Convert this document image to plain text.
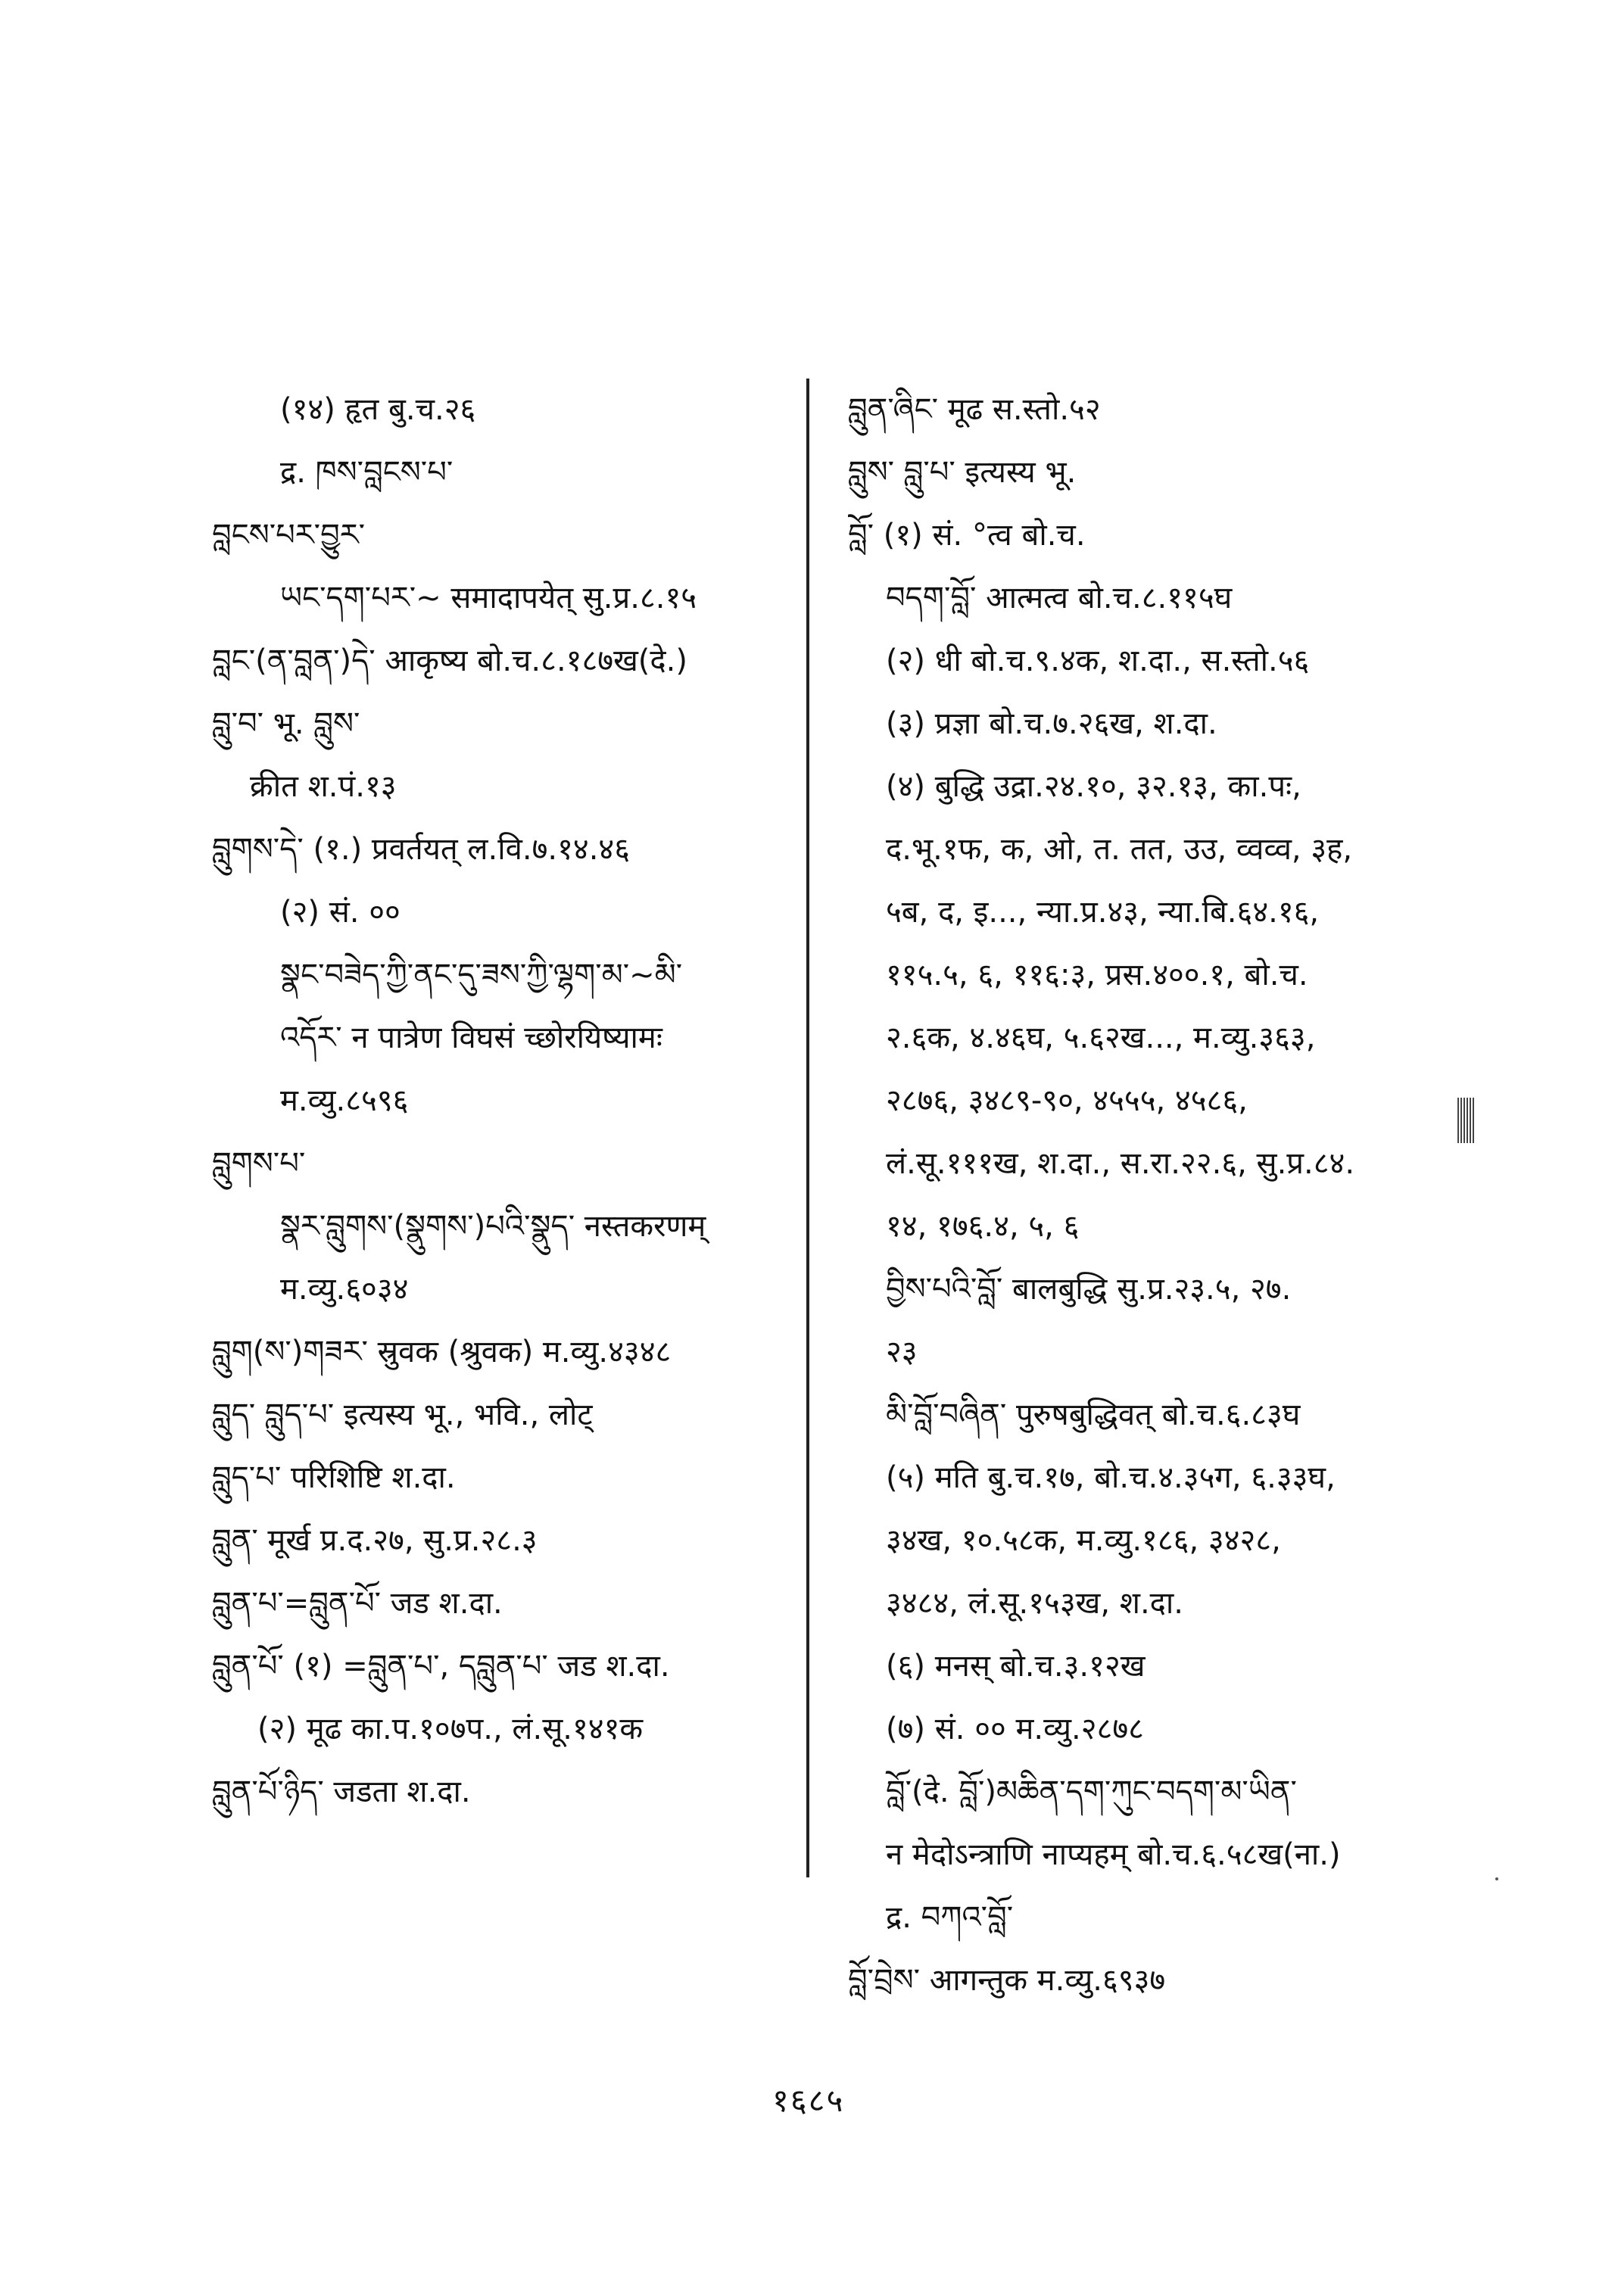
(१४) हृत बु.च.२६
द्र. ཁས་བླངས་པ་
བླངས་པར་བྱུར་
ཡང་དག་པར་~ समादापयेत् सु.प्र.८.१५
བླང་(ན་བླན་)དེ་ आकृष्य बो.च.८.१८७ख(दे.)
བླུ་བ་ भू. བླུས་
क्रीत श.पं.१३
བླུགས་དེ་ (१.) प्रवर्तयत् ल.वि.७.१४.४६
(२) सं. ००
སྣང་བཟེད་ཀྱི་ནང་དུ་ཟས་ཀྱི་ལྷག་མ་~མི་
འདོར་ न पात्रेण विघसं च्छोरयिष्यामः
म.व्यु.८५९६
བླུགས་པ་
སྣར་བླུགས་(སྣུགས་)པའི་སྣུད་ नस्तकरणम्
म.व्यु.६०३४
བླུག(ས་)གཟར་ स्रुवक (श्रुवक) म.व्यु.४३४८
བླུད་ བླུད་པ་ इत्यस्य भू., भवि., लोट्
བླུད་པ་ परिशिष्टि श.दा.
བླུན་ मूर्ख प्र.द.२७, सु.प्र.२८.३
བླུན་པ་=བླུན་པོ་ जड श.दा.
བླུན་པོ་ (१) =བླུན་པ་, དབླུན་པ་ जड श.दा.
(२) मूढ का.प.१०७प., लं.सू.१४१क
བླུན་པོ་ཉིད་ जडता श.दा.
བླུན་ཞིང་ मूढ स.स्तो.५२
བླུས་ བླུ་པ་ इत्यस्य भू.
བློ་ (१) सं. °त्व बो.च.
བདག་བློ་ आत्मत्व बो.च.८.११५घ
(२) धी बो.च.९.४क, श.दा., स.स्तो.५६
(३) प्रज्ञा बो.च.७.२६ख, श.दा.
(४) बुद्धि उद्रा.२४.१०, ३२.१३, का.पः,
द.भू.१फ, क, ओ, त. तत, उउ, व्वव्व, ३ह,
५ब, द, इ..., न्या.प्र.४३, न्या.बि.६४.१६,
११५.५, ६, ११६:३, प्रस.४००.१, बो.च.
२.६क, ४.४६घ, ५.६२ख..., म.व्यु.३६३,
२८७६, ३४८९-९०, ४५५५, ४५८६,
लं.सू.१११ख, श.दा., स.रा.२२.६, सु.प्र.८४.
१४, १७६.४, ५, ६
བྱིས་པའི་བློ་ बालबुद्धि सु.प्र.२३.५, २७.
२३
མི་བློ་བཞིན་ पुरुषबुद्धिवत् बो.च.६.८३घ
(५) मति बु.च.१७, बो.च.४.३५ग, ६.३३घ,
३४ख, १०.५८क, म.व्यु.१८६, ३४२८,
३४८४, लं.सू.१५३ख, श.दा.
(६) मनस् बो.च.३.१२ख
(७) सं. ०० म.व्यु.२८७८
བློ་(दे. བློ་)མཆིན་དག་ཀུང་བདག་མ་ཡིན་
न मेदोऽन्त्राणि नाप्यहम् बो.च.६.५८ख(ना.)
द्र. བཀའ་བློ་
བློ་བྲེས་ आगन्तुक म.व्यु.६९३७
१६८५
